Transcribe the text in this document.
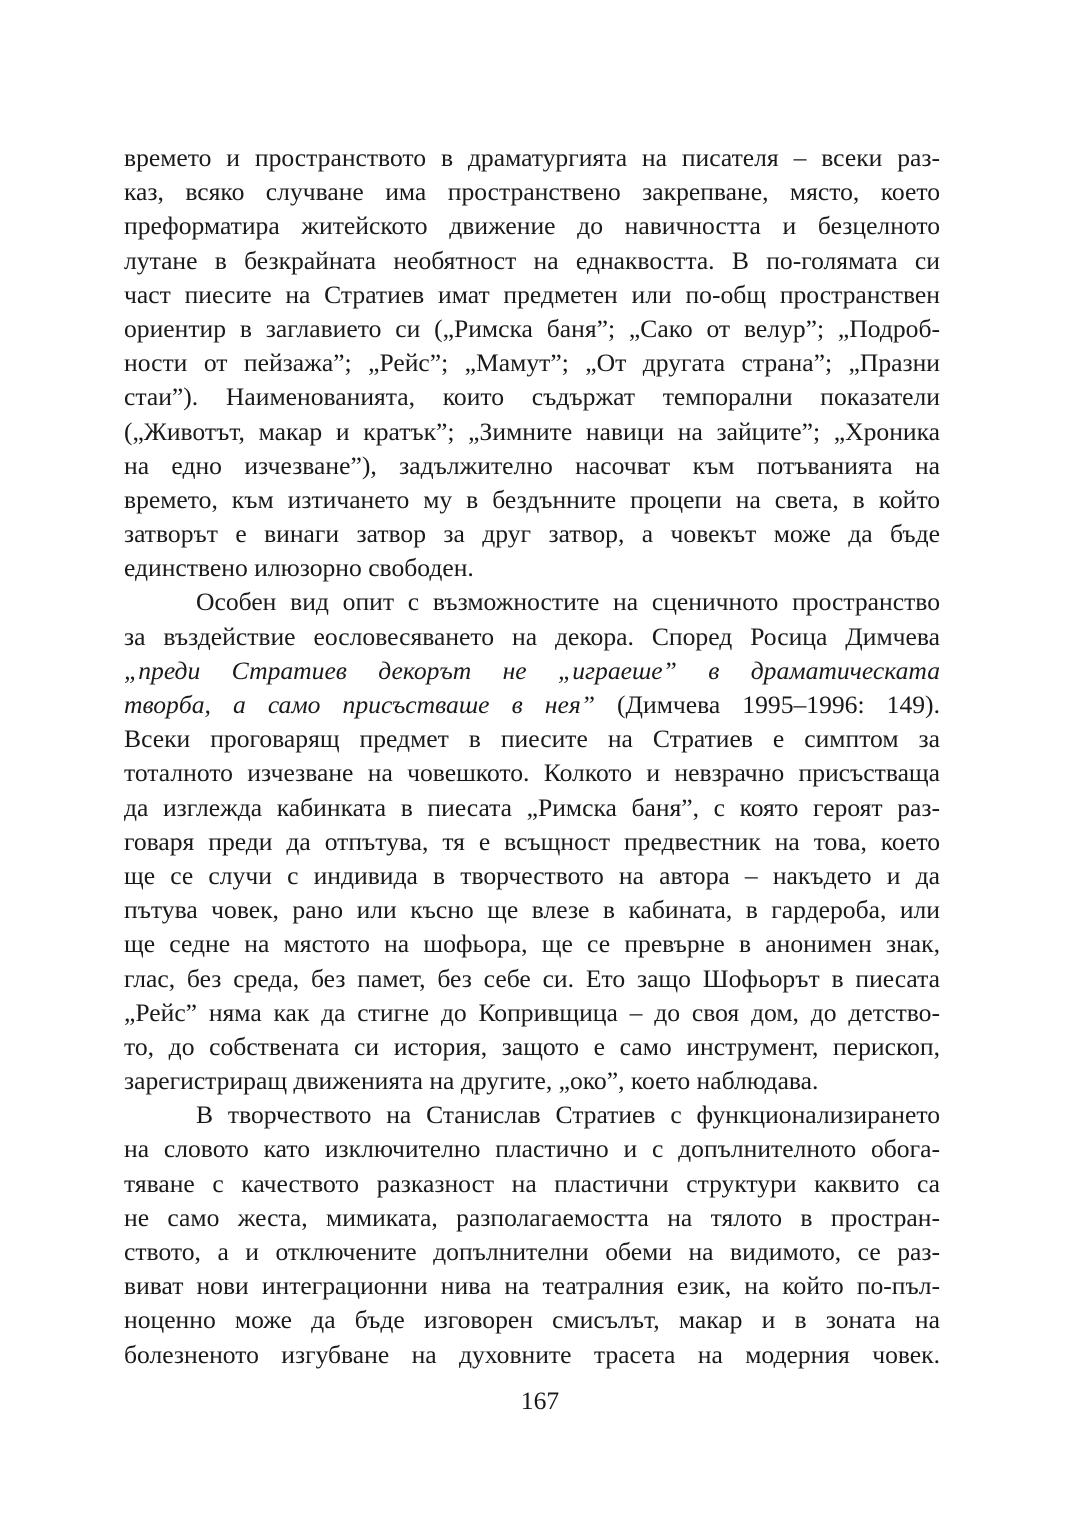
времето и пространството в драматургията на писателя – всеки раз-
каз, всяко случване има пространствено закрепване, място, което
преформатира житейското движение до навичността и безцелното
лутане в безкрайната необятност на еднаквостта. В по-голямата си
част пиесите на Стратиев имат предметен или по-общ пространствен
ориентир в заглавието си („Римска баня”; „Сако от велур”; „Подроб-
ности от пейзажа”; „Рейс”; „Мамут”; „От другата страна”; „Празни
стаи”). Наименованията, които съдържат темпорални показатели
(„Животът, макар и кратък”; „Зимните навици на зайците”; „Хроника
на едно изчезване”), задължително насочват към потъванията на
времето, към изтичането му в бездънните процепи на света, в който
затворът е винаги затвор за друг затвор, а човекът може да бъде
единствено илюзорно свободен.
Особен вид опит с възможностите на сценичното пространство
за въздействие еословесяването на декора. Според Росица Димчева
„преди Стратиев декорът не „играеше” в драматическата
творба, а само присъстваше в нея” (Димчева 1995–1996: 149).
Всеки проговарящ предмет в пиесите на Стратиев е симптом за
тоталното изчезване на човешкото. Колкото и невзрачно присъстваща
да изглежда кабинката в пиесата „Римска баня”, с която героят раз-
говаря преди да отпътува, тя е всъщност предвестник на това, което
ще се случи с индивида в творчеството на автора – накъдето и да
пътува човек, рано или късно ще влезе в кабината, в гардероба, или
ще седне на мястото на шофьора, ще се превърне в анонимен знак,
глас, без среда, без памет, без себе си. Ето защо Шофьорът в пиесата
„Рейс” няма как да стигне до Копривщица – до своя дом, до детство-
то, до собствената си история, защото е само инструмент, перископ,
зарегистриращ движенията на другите, „око”, което наблюдава.
В творчеството на Станислав Стратиев с функционализирането
на словото като изключително пластично и с допълнителното обога-
тяване с качеството разказност на пластични структури каквито са
не само жеста, мимиката, разполагаемостта на тялото в простран-
ството, а и отключените допълнителни обеми на видимото, се раз-
виват нови интеграционни нива на театралния език, на който по-пъл-
ноценно може да бъде изговорен смисълът, макар и в зоната на
болезненото изгубване на духовните трасета на модерния човек.
167
